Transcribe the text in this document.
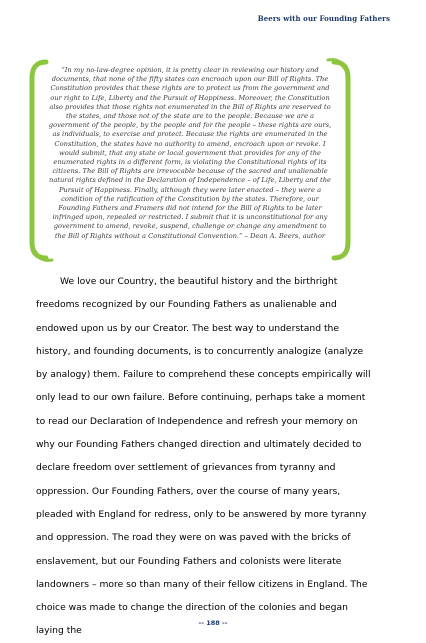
Beers with our Founding Fathers

“In my no-law-degree opinion, it is pretty clear in reviewing our history and documents, that none of the fifty states can encroach upon our Bill of Rights. The Constitution provides that these rights are to protect us from the government and our right to Life, Liberty and the Pursuit of Happiness. Moreover, the Constitution also provides that those rights not enumerated in the Bill of Rights are reserved to the states, and those not of the state are to the people. Because we are a government of the people, by the people and for the people – these rights are ours, as individuals, to exercise and protect. Because the rights are enumerated in the Constitution, the states have no authority to amend, encroach upon or revoke. I would submit, that any state or local government that provides for any of the enumerated rights in a different form, is violating the Constitutional rights of its citizens. The Bill of Rights are irrevocable because of the sacred and unalienable natural rights defined in the Declaration of Independence – of Life, Liberty and the Pursuit of Happiness. Finally, although they were later enacted – they were a condition of the ratification of the Constitution by the states. Therefore, our Founding Fathers and Framers did not intend for the Bill of Rights to be later infringed upon, repealed or restricted. I submit that it is unconstitutional for any government to amend, revoke, suspend, challenge or change any amendment to the Bill of Rights without a Constitutional Convention.” – Dean A. Beers, author

We love our Country, the beautiful history and the birthright freedoms recognized by our Founding Fathers as unalienable and endowed upon us by our Creator. The best way to understand the history, and founding documents, is to concurrently analogize (analyze by analogy) them. Failure to comprehend these concepts empirically will only lead to our own failure. Before continuing, perhaps take a moment to read our Declaration of Independence and refresh your memory on why our Founding Fathers changed direction and ultimately decided to declare freedom over settlement of grievances from tyranny and oppression. Our Founding Fathers, over the course of many years, pleaded with England for redress, only to be answered by more tyranny and oppression. The road they were on was paved with the bricks of enslavement, but our Founding Fathers and colonists were literate landowners – more so than many of their fellow citizens in England. The choice was made to change the direction of the colonies and began laying the

-- 188 --
